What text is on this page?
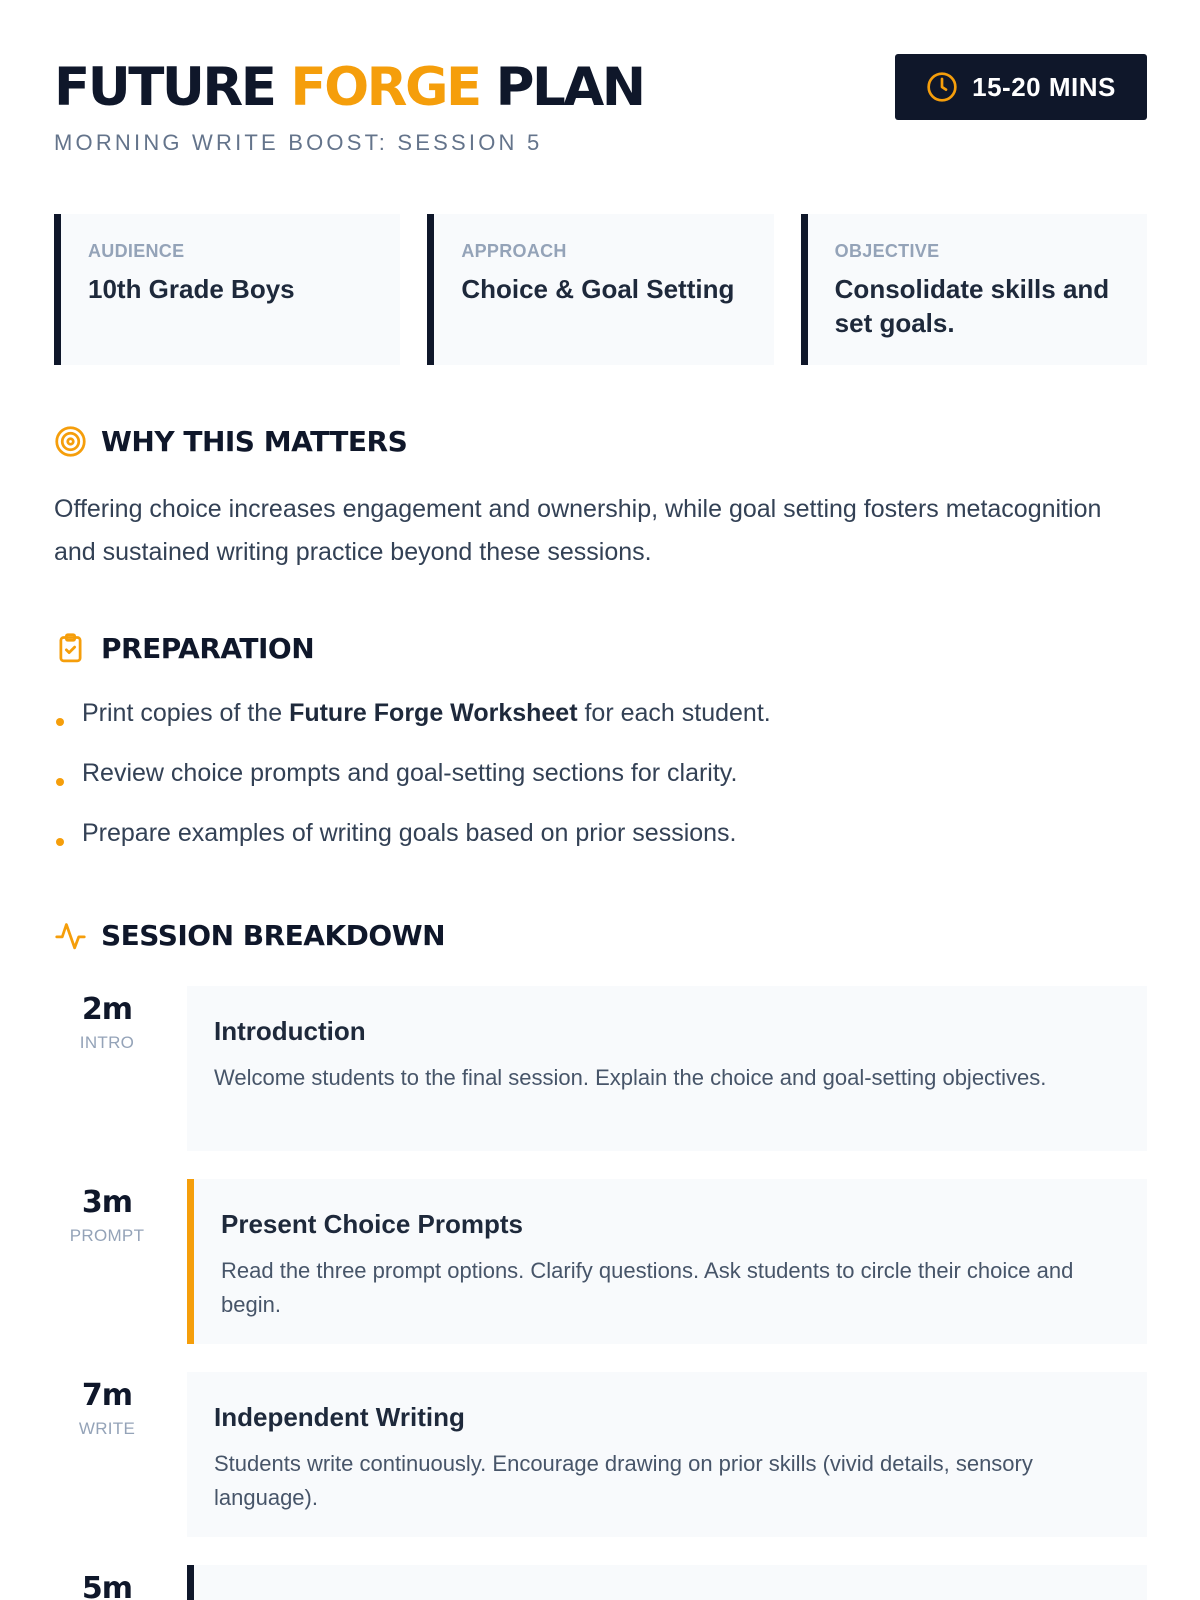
FUTURE FORGE PLAN
MORNING WRITE BOOST: SESSION 5
15-20 MINS
AUDIENCE
10th Grade Boys
APPROACH
Choice & Goal Setting
OBJECTIVE
Consolidate skills and set goals.
WHY THIS MATTERS

Offering choice increases engagement and ownership, while goal setting fosters metacognition and sustained writing practice beyond these sessions.

PREPARATION
Print copies of the Future Forge Worksheet for each student.
Review choice prompts and goal-setting sections for clarity.
Prepare examples of writing goals based on prior sessions.
SESSION BREAKDOWN
2m
INTRO	Introduction
Welcome students to the final session. Explain the choice and goal-setting objectives.
3m
PROMPT	Present Choice Prompts
Read the three prompt options. Clarify questions. Ask students to circle their choice and begin.
7m
WRITE	Independent Writing
Students write continuously. Encourage drawing on prior skills (vivid details, sensory language).
5m
